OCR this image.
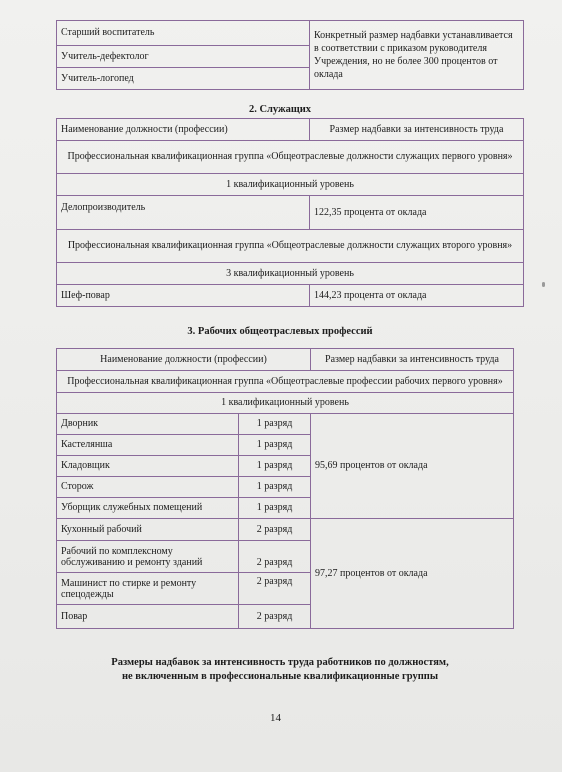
Старший воспитатель	Конкретный размер надбавки устанавливается в соответствии с приказом руководителя Учреждения, но не более 300 процентов от оклада
Учитель-дефектолог
Учитель-логопед
2. Служащих
Наименование должности (профессии)	Размер надбавки за интенсивность труда
Профессиональная квалификационная группа «Общеотраслевые должности служащих первого уровня»	
1 квалификационный уровень	
Делопроизводитель	122,35 процента от оклада
Профессиональная квалификационная группа «Общеотраслевые должности служащих второго уровня»	
3 квалификационный уровень	
Шеф-повар	144,23 процента от оклада
3. Рабочих общеотраслевых профессий
Наименование должности (профессии)		Размер надбавки за интенсивность труда
Профессиональная квалификационная группа «Общеотраслевые профессии рабочих первого уровня»		
1 квалификационный уровень		
Дворник	1 разряд	95,69 процентов от оклада
Кастелянша	1 разряд	
Кладовщик	1 разряд	
Сторож	1 разряд	
Уборщик служебных помещений	1 разряд	
Кухонный рабочий	2 разряд	97,27 процентов от оклада
Рабочий по комплексному обслуживанию и ремонту зданий	2 разряд	
Машинист по стирке и ремонту спецодежды	2 разряд	
Повар	2 разряд	
Размеры надбавок за интенсивность труда работников по должностям,
не включенным в профессиональные квалификационные группы
14
